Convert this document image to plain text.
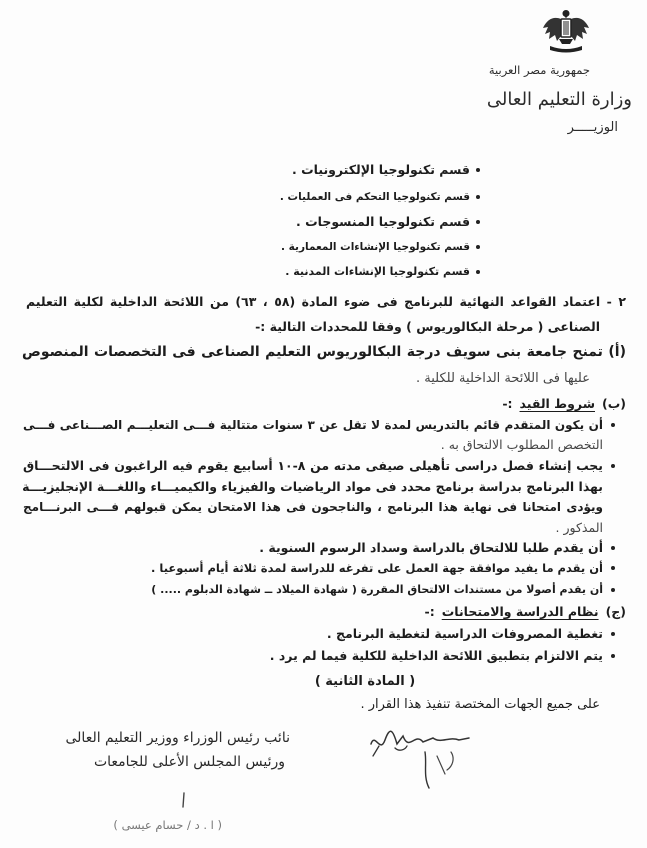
جمهورية مصر العربية
وزارة التعليم العالى
الوزيـــــر
قسم تكنولوجيا الإلكترونيات .
قسم تكنولوجيا التحكم فى العمليات .
قسم تكنولوجيا المنسوجات .
قسم تكنولوجيا الإنشاءات المعمارية .
قسم تكنولوجيا الإنشاءات المدنية .
٢ - اعتماد القواعد النهائية للبرنامج فى ضوء المادة (٥٨ ، ٦٣) من اللائحة الداخلية لكلية التعليم
الصناعى ( مرحلة البكالوريوس ) وفقا للمحددات التالية :-
(أ) تمنح جامعة بنى سويف درجة البكالوريوس التعليم الصناعى فى التخصصات المنصوص
عليها فى اللائحة الداخلية للكلية .
(ب)شروط القيد:-
أن يكون المتقدم قائم بالتدريس لمدة لا تقل عن ٣ سنوات متتالية فـــى التعليـــم الصـــناعى فـــى
التخصص المطلوب الالتحاق به .
يجب إنشاء فصل دراسى تأهيلى صيفى مدته من ٨-١٠ أسابيع يقوم فيه الراغبون فى الالتحـــاق
بهذا البرنامج بدراسة برنامج محدد فى مواد الرياضيات والفيزياء والكيميـــاء واللغـــة الإنجليزيـــة
ويؤدى امتحانا فى نهاية هذا البرنامج ، والناجحون فى هذا الامتحان يمكن قبولهم فـــى البرنـــامج
المذكور .
أن يقدم طلبا للالتحاق بالدراسة وسداد الرسوم السنوية .
أن يقدم ما يفيد موافقة جهة العمل على تفرغه للدراسة لمدة ثلاثة أيام أسبوعيا .
أن يقدم أصولا من مستندات الالتحاق المقررة ( شهادة الميلاد ــ شهادة الدبلوم ..... )
(ج)نظام الدراسة والامتحانات:-
تغطية المصروفات الدراسية لتغطية البرنامج .
يتم الالتزام بتطبيق اللائحة الداخلية للكلية فيما لم يرد .
( المادة الثانية )
على جميع الجهات المختصة تنفيذ هذا القرار .
نائب رئيس الوزراء ووزير التعليم العالى
ورئيس المجلس الأعلى للجامعات
( ا . د / حسام عيسى )
